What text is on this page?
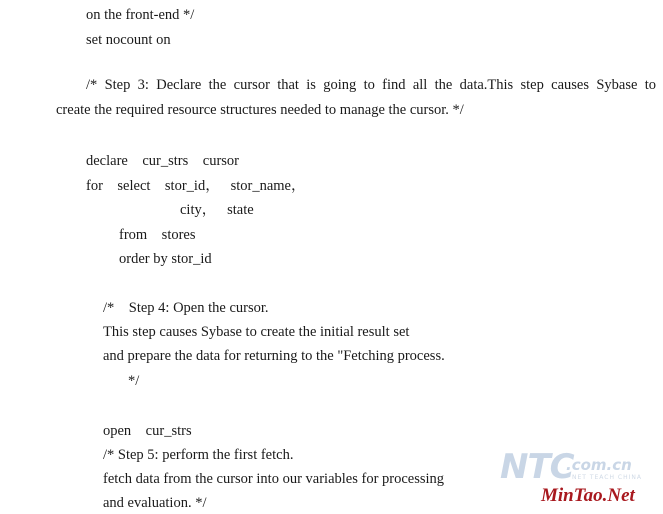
on the front-end */

set nocount on

/* Step 3: Declare the cursor that is going to find all the data.This step causes Sybase to
create the required resource structures needed to manage the cursor. */

declare    cur_strs    cursor

for    select    stor_id，   stor_name，

city，   state

from    stores

order by stor_id

/*    Step 4: Open the cursor.

This step causes Sybase to create the initial result set

and prepare the data for returning to the "Fetching process.

*/

open    cur_strs

/* Step 5: perform the first fetch.

fetch data from the cursor into our variables for processing

and evaluation. */

NTC
.com.cn
NET TEACH CHINA
MinTao.Net
